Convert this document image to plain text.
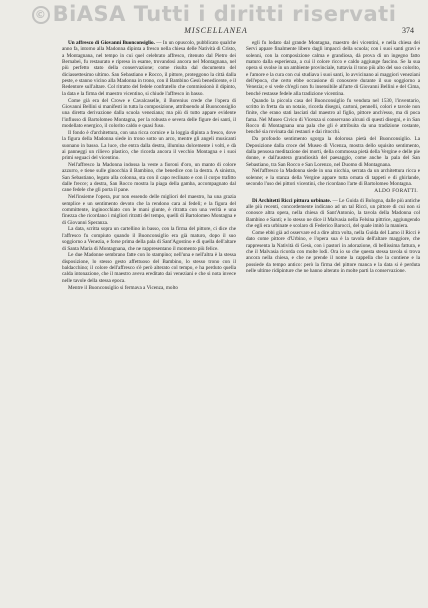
© BiASA Tutti i diritti riservati
MISCELLANEA	374

Un affresco di Giovanni Buonconsiglio. — In un opuscolo, pubblicato qualche anno fa, intorno alla Madonna dipinta a fresco nella chiesa delle Natività di Cristo, a Montagnana, nel tempo in cui quel celebrato affresco, ritenuto dal Pietro dei Bernabei, fu restaurato e ripreso in esame, trovandosi ancora nel Montagnana, nel più perfetto stato della conservazione; come risulta dal documento del diciassettesimo ultimo. San Sebastiano e Rocco, il pittore, proteggono la città dalla peste, e stanno vicino alla Madonna in trono, con il Bambino Gesù benedicente, e il Redentore sull'altare. Col ritratto del fedele confratello che commissionò il dipinto, la data e la firma del maestro vicentino, si chiude l'affresco in basso.

Come già era del Crowe e Cavalcaselle, il Borenius crede che l'opera di Giovanni Bellini si manifesti in tutta la composizione, attribuendo al Buonconsiglio una diretta derivazione dalla scuola veneziana; ma più di tutto appare evidente l'influsso di Bartolomeo Montagna, per la robusta e severa delle figure dei santi, il modellato energico, il colorito caldo e quasi fuso.

Il fondo è d'architettura, con una ricca cornice e la loggia dipinta a fresco, dove la figura della Madonna siede in trono sotto un arco, mentre gli angeli musicanti suonano in basso. La luce, che entra dalla destra, illumina dolcemente i volti, e dà ai panneggi un rilievo plastico, che ricorda ancora il vecchio Montagna e i suoi primi seguaci del vicentino.

Nell'affresco la Madonna indossa la veste a fioroni d'oro, un manto di colore azzurro, e tiene sulle ginocchia il Bambino, che benedice con la destra. A sinistra, San Sebastiano, legato alla colonna, sta con il capo reclinato e con il corpo trafitto dalle frecce; a destra, San Rocco mostra la piaga della gamba, accompagnato dal cane fedele che gli porta il pane.

Nell'insieme l'opera, pur non essendo delle migliori del maestro, ha una grazia semplice e un sentimento devoto che la rendono cara ai fedeli; e la figura del committente, inginocchiato con le mani giunte, è ritratta con una verità e una finezza che ricordano i migliori ritratti del tempo, quelli di Bartolomeo Montagna e di Giovanni Speranza.

La data, scritta sopra un cartellino in basso, con la firma del pittore, ci dice che l'affresco fu compiuto quando il Buonconsiglio era già maturo, dopo il suo soggiorno a Venezia, e forse prima della pala di Sant'Agostino e di quella dell'altare di Santa Maria di Montagnana, che ne rappresentano il momento più felice.

Le due Madonne sembrano fatte con lo stampino; nell'una e nell'altra è la stessa disposizione, lo stesso gesto affettuoso del Bambino, lo stesso trono con il baldacchino; il colore dell'affresco s'è però alterato col tempo, e ha perduto quella calda intonazione, che il maestro aveva ereditato dai veneziani e che si nota invece nelle tavole della stessa epoca.

Mentre il Buonconsiglio si fermava a Vicenza, molto

egli fu lodato dal grande Montagna, maestro dei vicentini, e nella chiesa dei Servi appare finalmente libero dagli impacci della scuola; con i suoi santi gravi e solenni, con la composizione calma e grandiosa, dà prova di un ingegno fatto maturo dalla esperienza, a cui il colore ricco e caldo aggiunge fascino. Se la sua opera si svolse in un ambiente provinciale, tuttavia il tono più alto del suo colorito, e l'amore e la cura con cui studiava i suoi santi, lo avvicinano ai maggiori veneziani dell'epoca, che certo ebbe occasione di conoscere durante il suo soggiorno a Venezia; e si vede ch'egli non fu insensibile all'arte di Giovanni Bellini e del Cima, benché restasse fedele alla tradizione vicentina.

Quando la piccola casa del Buonconsiglio fu venduta nel 1530, l'inventario, scritto in fretta da un notaio, ricorda disegni, cartoni, pennelli, colori e tavole non finite, che erano stati lasciati dal maestro al figlio, pittore anch'esso, ma di poca fama. Nel Museo Civico di Vicenza si conservano alcuni di questi disegni, e in San Rocco di Montagnana una pala che gli è attribuita da una tradizione costante, benché sia rovinata dai restauri e dai ritocchi.

Da profondo sentimento sgorga la dolorosa pietà del Buonconsiglio. La Deposizione dalla croce del Museo di Vicenza, mostra dello squisito sentimento, dalla pensosa meditazione dei morti, della commossa pietà della Vergine e delle pie donne, e dall'austera grandiosità del paesaggio, come anche la pala del San Sebastiano, tra San Rocco e San Lorenzo, nel Duomo di Montagnana.

Nell'affresco la Madonna siede in una nicchia, serrata da un architettura ricca e solenne; e la stanza della Vergine appare tutta ornata di tappeti e di ghirlande, secondo l'uso dei pittori vicentini, che ricordano l'arte di Bartolomeo Montagna.

ALDO FORATTI.

Di Architetti Ricci pittura urbinate. — Le Guida di Bologna, dalle più antiche alle più recenti, concordemente indicano ad un tal Ricci, un pittore di cui non si conosce altra opera, nella chiesa di Sant'Antonio, la tavola della Madonna col Bambino e Santi; e lo stesso ne dice il Malvasia nella Felsina pittrice, aggiungendo che egli era urbinate e scolaro di Federico Barocci, del quale imitò la maniera.

Come ebbi già ad osservare ed a dire altra volta, nella Guida del Lamo il Ricci è dato come pittore d'Urbino, e l'opera sua è la tavola dell'altare maggiore, che rappresenta la Natività di Gesù, con i pastori in adorazione, di bellissima fattura, e che il Malvasia ricorda con molte lodi. Ora io so che questa stessa tavola si trova ancora nella chiesa, e che ne prende il nome la cappella che la contiene e la possiede da tempo antico: però la firma del pittore manca e la data si è perduta nelle ultime ridipinture che ne hanno alterato in molte parti la conservazione.
